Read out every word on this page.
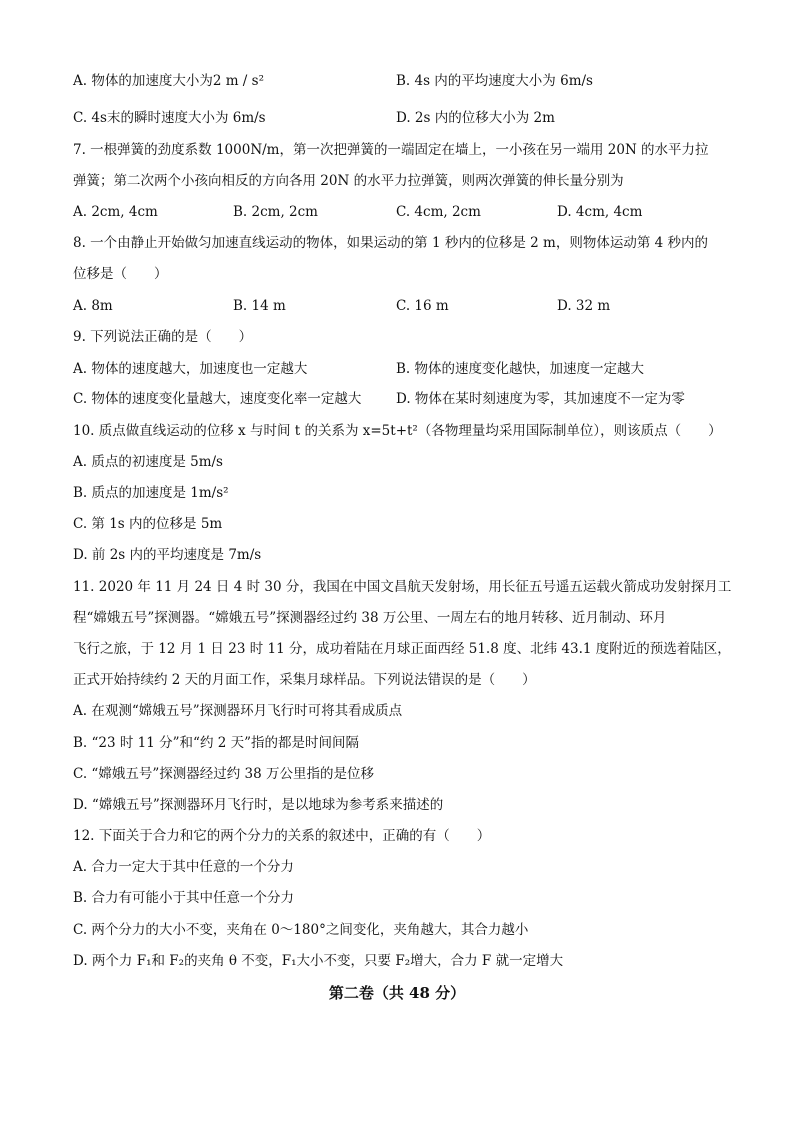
A. 物体的加速度大小为2 m / s²	B. 4s 内的平均速度大小为 6m/s
C. 4s末的瞬时速度大小为 6m/s	D. 2s 内的位移大小为 2m
7. 一根弹簧的劲度系数 1000N/m，第一次把弹簧的一端固定在墙上，一小孩在另一端用 20N 的水平力拉
弹簧；第二次两个小孩向相反的方向各用 20N 的水平力拉弹簧，则两次弹簧的伸长量分别为
A. 2cm, 4cm	B. 2cm, 2cm	C. 4cm, 2cm	D. 4cm, 4cm
8. 一个由静止开始做匀加速直线运动的物体，如果运动的第 1 秒内的位移是 2 m，则物体运动第 4 秒内的
位移是（　　）
A. 8m	B. 14 m	C. 16 m	D. 32 m
9. 下列说法正确的是（　　）
A. 物体的速度越大，加速度也一定越大	B. 物体的速度变化越快，加速度一定越大
C. 物体的速度变化量越大，速度变化率一定越大	D. 物体在某时刻速度为零，其加速度不一定为零
10. 质点做直线运动的位移 x 与时间 t 的关系为 x=5t+t²（各物理量均采用国际制单位），则该质点（　　）
A. 质点的初速度是 5m/s
B. 质点的加速度是 1m/s²
C. 第 1s 内的位移是 5m
D. 前 2s 内的平均速度是 7m/s
11. 2020 年 11 月 24 日 4 时 30 分，我国在中国文昌航天发射场，用长征五号遥五运载火箭成功发射探月工
程“嫦娥五号”探测器。“嫦娥五号”探测器经过约 38 万公里、一周左右的地月转移、近月制动、环月
飞行之旅，于 12 月 1 日 23 时 11 分，成功着陆在月球正面西经 51.8 度、北纬 43.1 度附近的预选着陆区，
正式开始持续约 2 天的月面工作，采集月球样品。下列说法错误的是（　　）
A. 在观测“嫦娥五号”探测器环月飞行时可将其看成质点
B. “23 时 11 分”和“约 2 天”指的都是时间间隔
C. “嫦娥五号”探测器经过约 38 万公里指的是位移
D. “嫦娥五号”探测器环月飞行时，是以地球为参考系来描述的
12. 下面关于合力和它的两个分力的关系的叙述中，正确的有（　　）
A. 合力一定大于其中任意的一个分力
B. 合力有可能小于其中任意一个分力
C. 两个分力的大小不变，夹角在 0～180°之间变化，夹角越大，其合力越小
D. 两个力 F₁和 F₂的夹角 θ 不变，F₁大小不变，只要 F₂增大，合力 F 就一定增大
第二卷（共 48 分）
